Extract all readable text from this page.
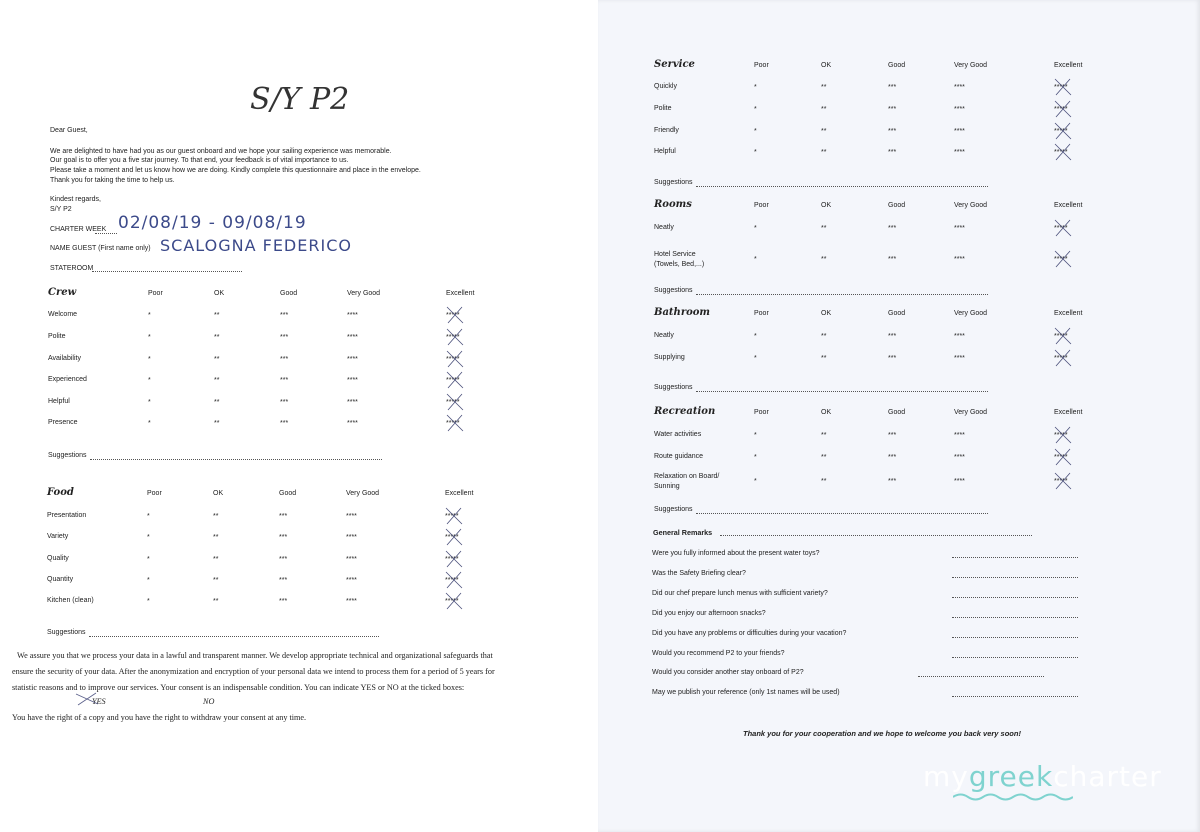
S/Y P2
Dear Guest,
We are delighted to have had you as our guest onboard and we hope your sailing experience was memorable.
Our goal is to offer you a five star journey. To that end, your feedback is of vital importance to us.
Please take a moment and let us know how we are doing. Kindly complete this questionnaire and place in the envelope.
Thank you for taking the time to help us.
Kindest regards,
S/Y P2
CHARTER WEEK 02/08/19 - 09/08/19
NAME GUEST (First name only) SCALOGNA FEDERICO
STATEROOM
Crew	Poor	OK	Good	Very Good	Excellent
Welcome	*	**	***	****	*****
Polite	*	**	***	****	*****
Availability	*	**	***	****	*****
Experienced	*	**	***	****	*****
Helpful	*	**	***	****	*****
Presence	*	**	***	****	*****
Suggestions
Food	Poor	OK	Good	Very Good	Excellent
Presentation	*	**	***	****	*****
Variety	*	**	***	****	*****
Quality	*	**	***	****	*****
Quantity	*	**	***	****	*****
Kitchen (clean)	*	**	***	****	*****
Suggestions
We assure you that we process your data in a lawful and transparent manner. We develop appropriate technical and organizational safeguards that
ensure the security of your data. After the anonymization and encryption of your personal data we intend to process them for a period of 5 years for
statistic reasons and to improve our services. Your consent is an indispensable condition. You can indicate YES or NO at the ticked boxes:
YES	NO
You have the right of a copy and you have the right to withdraw your consent at any time.
Service	Poor	OK	Good	Very Good	Excellent
Quickly	*	**	***	****	*****
Polite	*	**	***	****	*****
Friendly	*	**	***	****	*****
Helpful	*	**	***	****	*****
Suggestions
Rooms	Poor	OK	Good	Very Good	Excellent
Neatly	*	**	***	****	*****
Hotel Service
(Towels, Bed,...)
*	**	***	****	*****
Suggestions
Bathroom	Poor	OK	Good	Very Good	Excellent
Neatly	*	**	***	****	*****
Supplying	*	**	***	****	*****
Suggestions
Recreation	Poor	OK	Good	Very Good	Excellent
Water activities	*	**	***	****	*****
Route guidance	*	**	***	****	*****
Relaxation on Board/
Sunning
*	**	***	****	*****
Suggestions
General Remarks
Were you fully informed about the present water toys?
Was the Safety Briefing clear?
Did our chef prepare lunch menus with sufficient variety?
Did you enjoy our afternoon snacks?
Did you have any problems or difficulties during your vacation?
Would you recommend P2 to your friends?
Would you consider another stay onboard of P2?
May we publish your reference (only 1st names will be used)
Thank you for your cooperation and we hope to welcome you back very soon!
mygreekcharter
